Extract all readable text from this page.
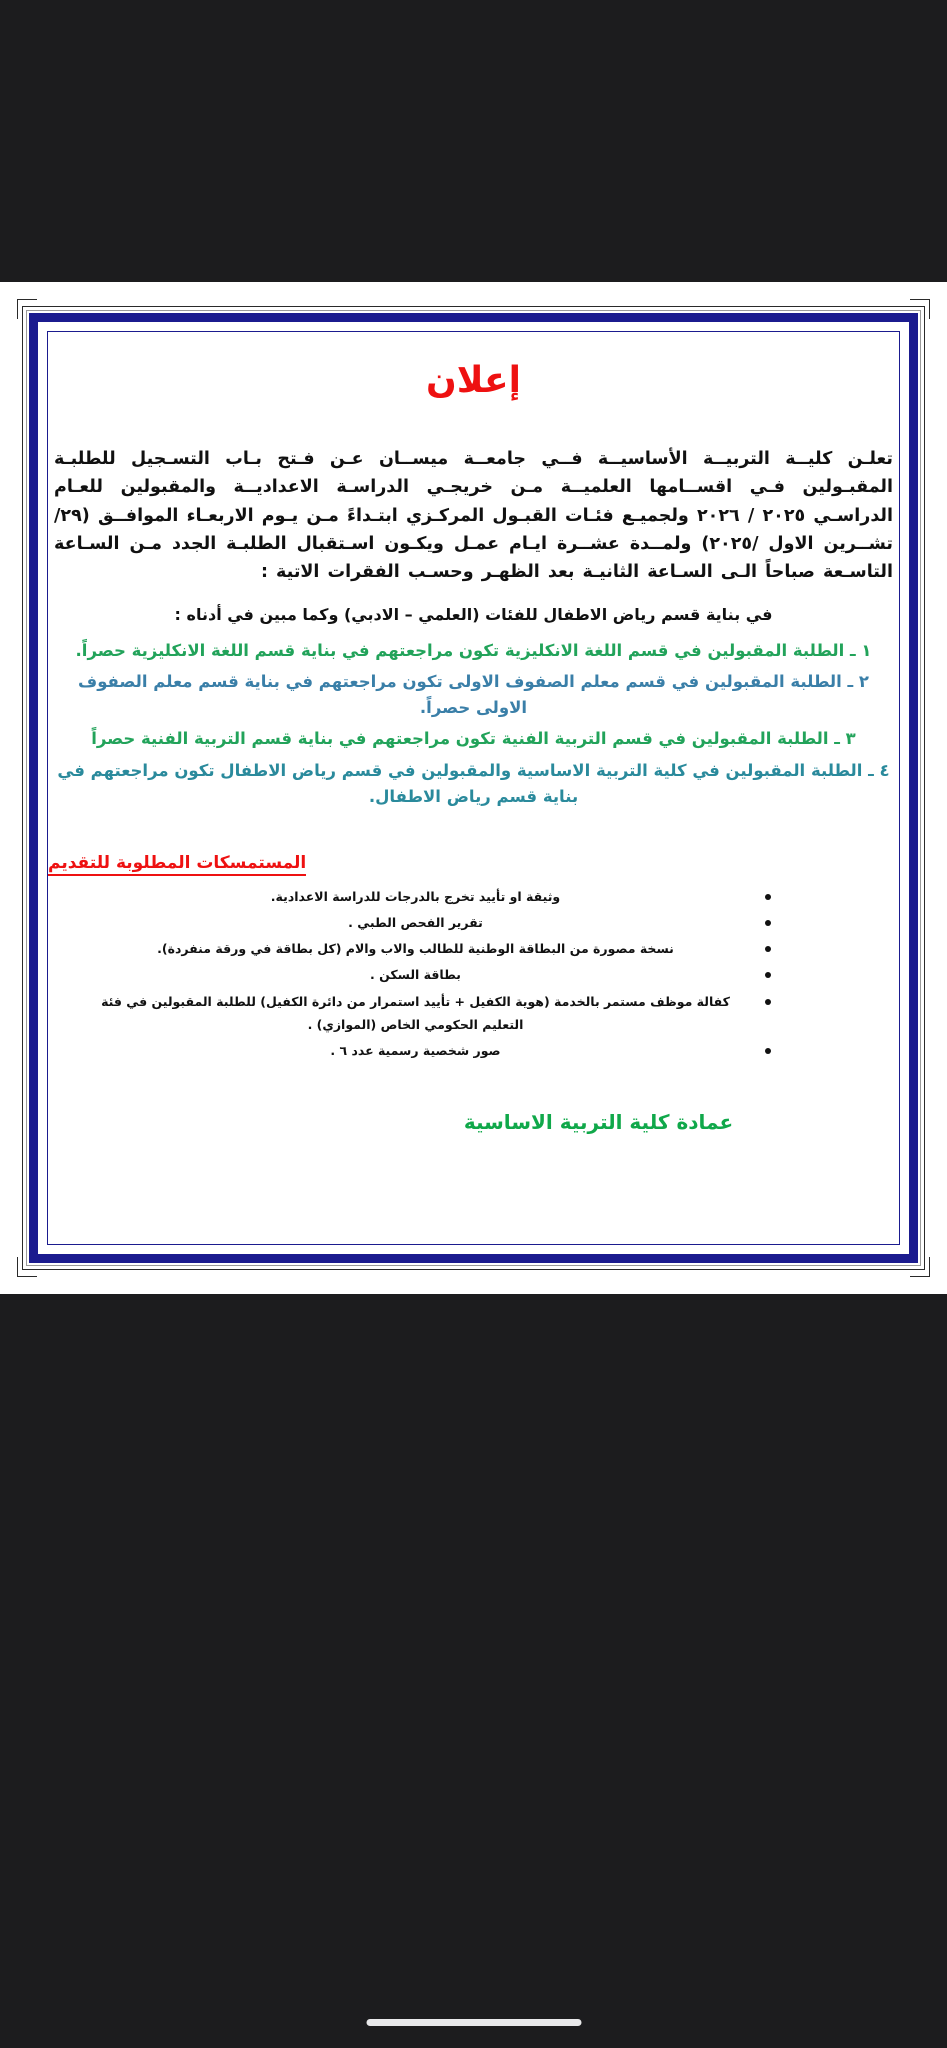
إعلان

تعلـن كليــة التربيــة الأساسيــة فــي جامعــة ميســان عـن فـتح بـاب التسـجيل للطلبـة المقبـولين فـي اقســامها العلميــة مـن خريجـي الدراسـة الاعداديــة والمقبولين للعـام الدراسـي ٢٠٢٥ / ٢٠٢٦ ولجميـع فئـات القبـول المركـزي ابتـداءً مـن يـوم الاربعـاء الموافــق (٢٩/ تشــرين الاول /٢٠٢٥) ولمــدة عشــرة ايـام عمـل ويكـون اسـتقبال الطلبـة الجدد مـن السـاعة التاسـعة صباحاً الـى السـاعة الثانيـة بعد الظهـر وحسـب الفقرات الاتية :

في بناية قسم رياض الاطفال للفئات (العلمي – الادبي) وكما مبين في أدناه :

١ ـ الطلبة المقبولين في قسم اللغة الانكليزية تكون مراجعتهم في بناية قسم اللغة الانكليزية حصراً.
٢ ـ الطلبة المقبولين في قسم معلم الصفوف الاولى تكون مراجعتهم في بناية قسم معلم الصفوف الاولى حصراً.
٣ ـ الطلبة المقبولين في قسم التربية الفنية تكون مراجعتهم في بناية قسم التربية الفنية حصراً
٤ ـ الطلبة المقبولين في كلية التربية الاساسية والمقبولين في قسم رياض الاطفال تكون مراجعتهم في بناية قسم رياض الاطفال.
المستمسكات المطلوبة للتقديم
وثيقة او تأييد تخرج بالدرجات للدراسة الاعدادية.
تقرير الفحص الطبي .
نسخة مصورة من البطاقة الوطنية للطالب والاب والام (كل بطاقة في ورقة منفردة).
بطاقة السكن .
كفالة موظف مستمر بالخدمة (هوية الكفيل + تأييد استمرار من دائرة الكفيل) للطلبة المقبولين في فئة التعليم الحكومي الخاص (الموازي) .
صور شخصية رسمية عدد ٦ .
عمادة كلية التربية الاساسية
